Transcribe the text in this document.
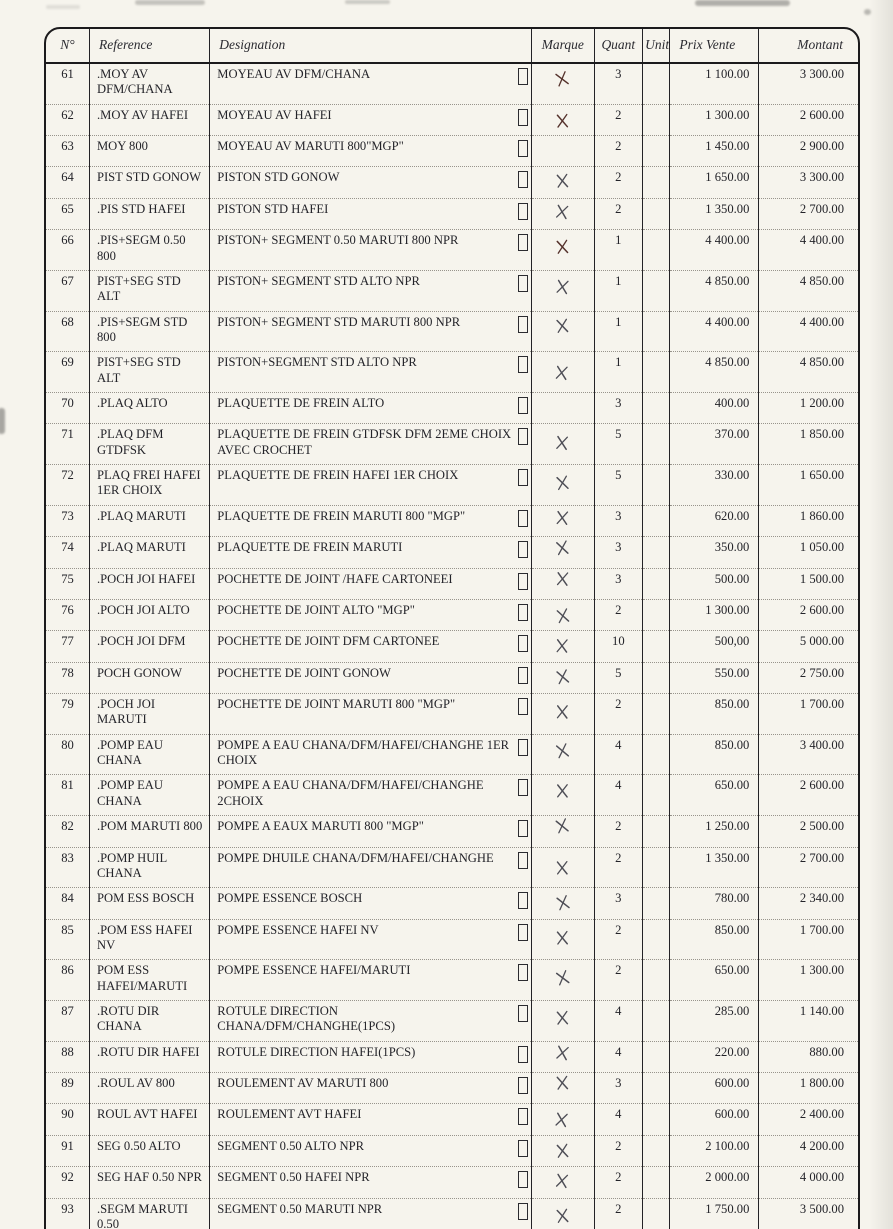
N°	Reference	Designation	Marque	Quant	Unit	Prix Vente	Montant
61	.MOY AV DFM/CHANA	MOYEAU AV DFM/CHANA		3		1 100.00	3 300.00
62	.MOY AV HAFEI	MOYEAU AV HAFEI		2		1 300.00	2 600.00
63	MOY 800	MOYEAU AV MARUTI 800"MGP"		2		1 450.00	2 900.00
64	PIST STD GONOW	PISTON STD GONOW		2		1 650.00	3 300.00
65	.PIS STD HAFEI	PISTON STD HAFEI		2		1 350.00	2 700.00
66	.PIS+SEGM 0.50 800	PISTON+ SEGMENT 0.50 MARUTI 800 NPR		1		4 400.00	4 400.00
67	PIST+SEG STD ALT	PISTON+ SEGMENT STD ALTO NPR		1		4 850.00	4 850.00
68	.PIS+SEGM STD 800	PISTON+ SEGMENT STD MARUTI 800 NPR		1		4 400.00	4 400.00
69	PIST+SEG STD ALT	PISTON+SEGMENT STD ALTO NPR		1		4 850.00	4 850.00
70	.PLAQ ALTO	PLAQUETTE DE FREIN ALTO		3		400.00	1 200.00
71	.PLAQ DFM GTDFSK	PLAQUETTE DE FREIN GTDFSK DFM 2EME CHOIX AVEC CROCHET		5		370.00	1 850.00
72	PLAQ FREI HAFEI 1ER CHOIX	PLAQUETTE DE FREIN HAFEI 1ER CHOIX		5		330.00	1 650.00
73	.PLAQ MARUTI	PLAQUETTE DE FREIN MARUTI 800 "MGP"		3		620.00	1 860.00
74	.PLAQ MARUTI	PLAQUETTE DE FREIN MARUTI		3		350.00	1 050.00
75	.POCH JOI HAFEI	POCHETTE DE JOINT /HAFE CARTONEEI		3		500.00	1 500.00
76	.POCH JOI ALTO	POCHETTE DE JOINT ALTO "MGP"		2		1 300.00	2 600.00
77	.POCH JOI DFM	POCHETTE DE JOINT DFM CARTONEE		10		500,00	5 000.00
78	POCH GONOW	POCHETTE DE JOINT GONOW		5		550.00	2 750.00
79	.POCH JOI MARUTI	POCHETTE DE JOINT MARUTI 800 "MGP"		2		850.00	1 700.00
80	.POMP EAU CHANA	POMPE A EAU CHANA/DFM/HAFEI/CHANGHE 1ER CHOIX		4		850.00	3 400.00
81	.POMP EAU CHANA	POMPE A EAU CHANA/DFM/HAFEI/CHANGHE 2CHOIX		4		650.00	2 600.00
82	.POM MARUTI 800	POMPE A EAUX MARUTI 800 "MGP"		2		1 250.00	2 500.00
83	.POMP HUIL CHANA	POMPE DHUILE CHANA/DFM/HAFEI/CHANGHE		2		1 350.00	2 700.00
84	POM ESS BOSCH	POMPE ESSENCE BOSCH		3		780.00	2 340.00
85	.POM ESS HAFEI NV	POMPE ESSENCE HAFEI NV		2		850.00	1 700.00
86	POM ESS HAFEI/MARUTI	POMPE ESSENCE HAFEI/MARUTI		2		650.00	1 300.00
87	.ROTU DIR CHANA	ROTULE DIRECTION CHANA/DFM/CHANGHE(1PCS)		4		285.00	1 140.00
88	.ROTU DIR HAFEI	ROTULE DIRECTION HAFEI(1PCS)		4		220.00	880.00
89	.ROUL AV 800	ROULEMENT AV MARUTI 800		3		600.00	1 800.00
90	ROUL AVT HAFEI	ROULEMENT AVT HAFEI		4		600.00	2 400.00
91	SEG 0.50 ALTO	SEGMENT 0.50 ALTO NPR		2		2 100.00	4 200.00
92	SEG HAF 0.50 NPR	SEGMENT 0.50 HAFEI NPR		2		2 000.00	4 000.00
93	.SEGM MARUTI 0.50	SEGMENT 0.50 MARUTI NPR		2		1 750.00	3 500.00
